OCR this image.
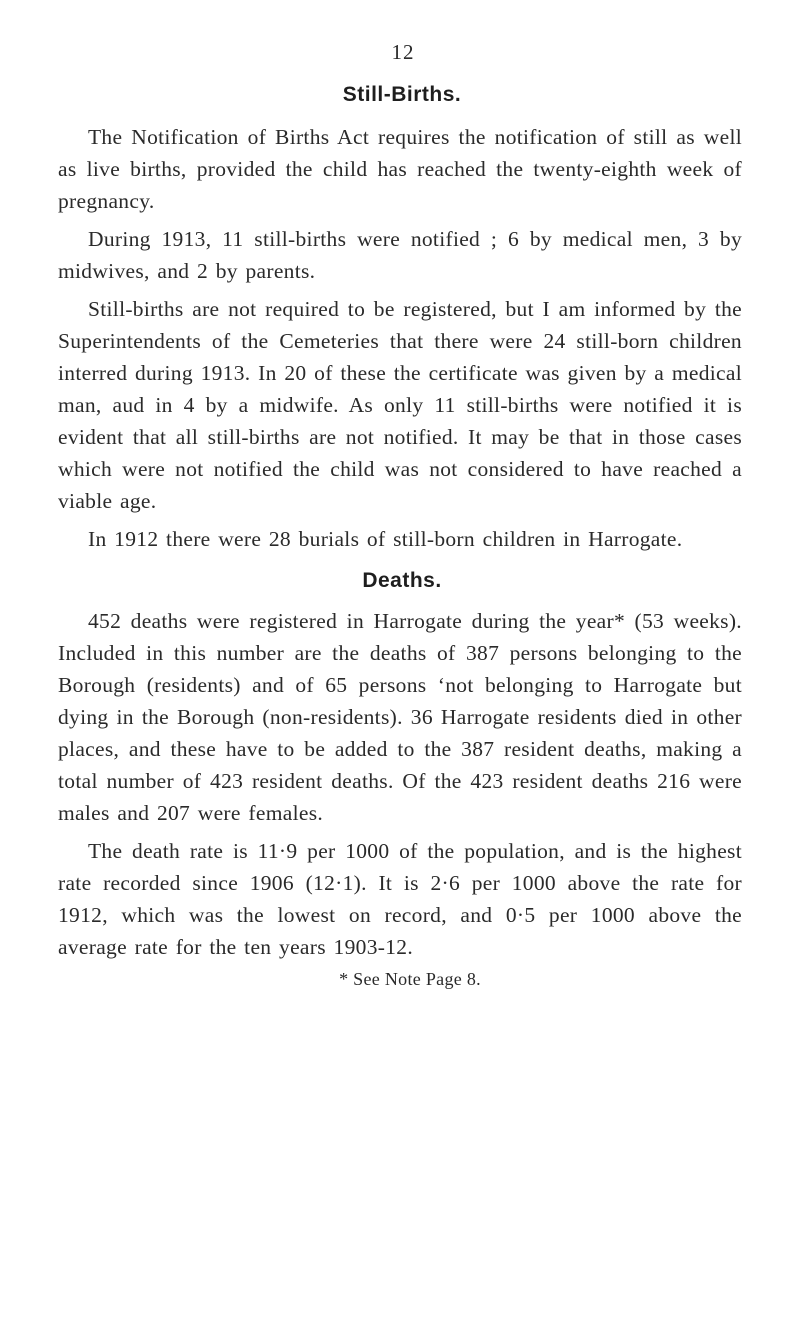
12
Still-Births.

The Notification of Births Act requires the notification of still as well as live births, provided the child has reached the twenty-eighth week of pregnancy.

During 1913, 11 still-births were notified ; 6 by medical men, 3 by midwives, and 2 by parents.

Still-births are not required to be registered, but I am informed by the Superintendents of the Cemeteries that there were 24 still-born children interred during 1913. In 20 of these the certificate was given by a medical man, aud in 4 by a midwife. As only 11 still-births were notified it is evident that all still-births are not notified. It may be that in those cases which were not notified the child was not considered to have reached a viable age.

In 1912 there were 28 burials of still-born children in Harrogate.

Deaths.

452 deaths were registered in Harrogate during the year* (53 weeks). Included in this number are the deaths of 387 persons belonging to the Borough (residents) and of 65 persons ‘not belonging to Harrogate but dying in the Borough (non-residents). 36 Harrogate residents died in other places, and these have to be added to the 387 resident deaths, making a total number of 423 resident deaths. Of the 423 resident deaths 216 were males and 207 were females.

The death rate is 11·9 per 1000 of the population, and is the highest rate recorded since 1906 (12·1). It is 2·6 per 1000 above the rate for 1912, which was the lowest on record, and 0·5 per 1000 above the average rate for the ten years 1903-12.

* See Note Page 8.
